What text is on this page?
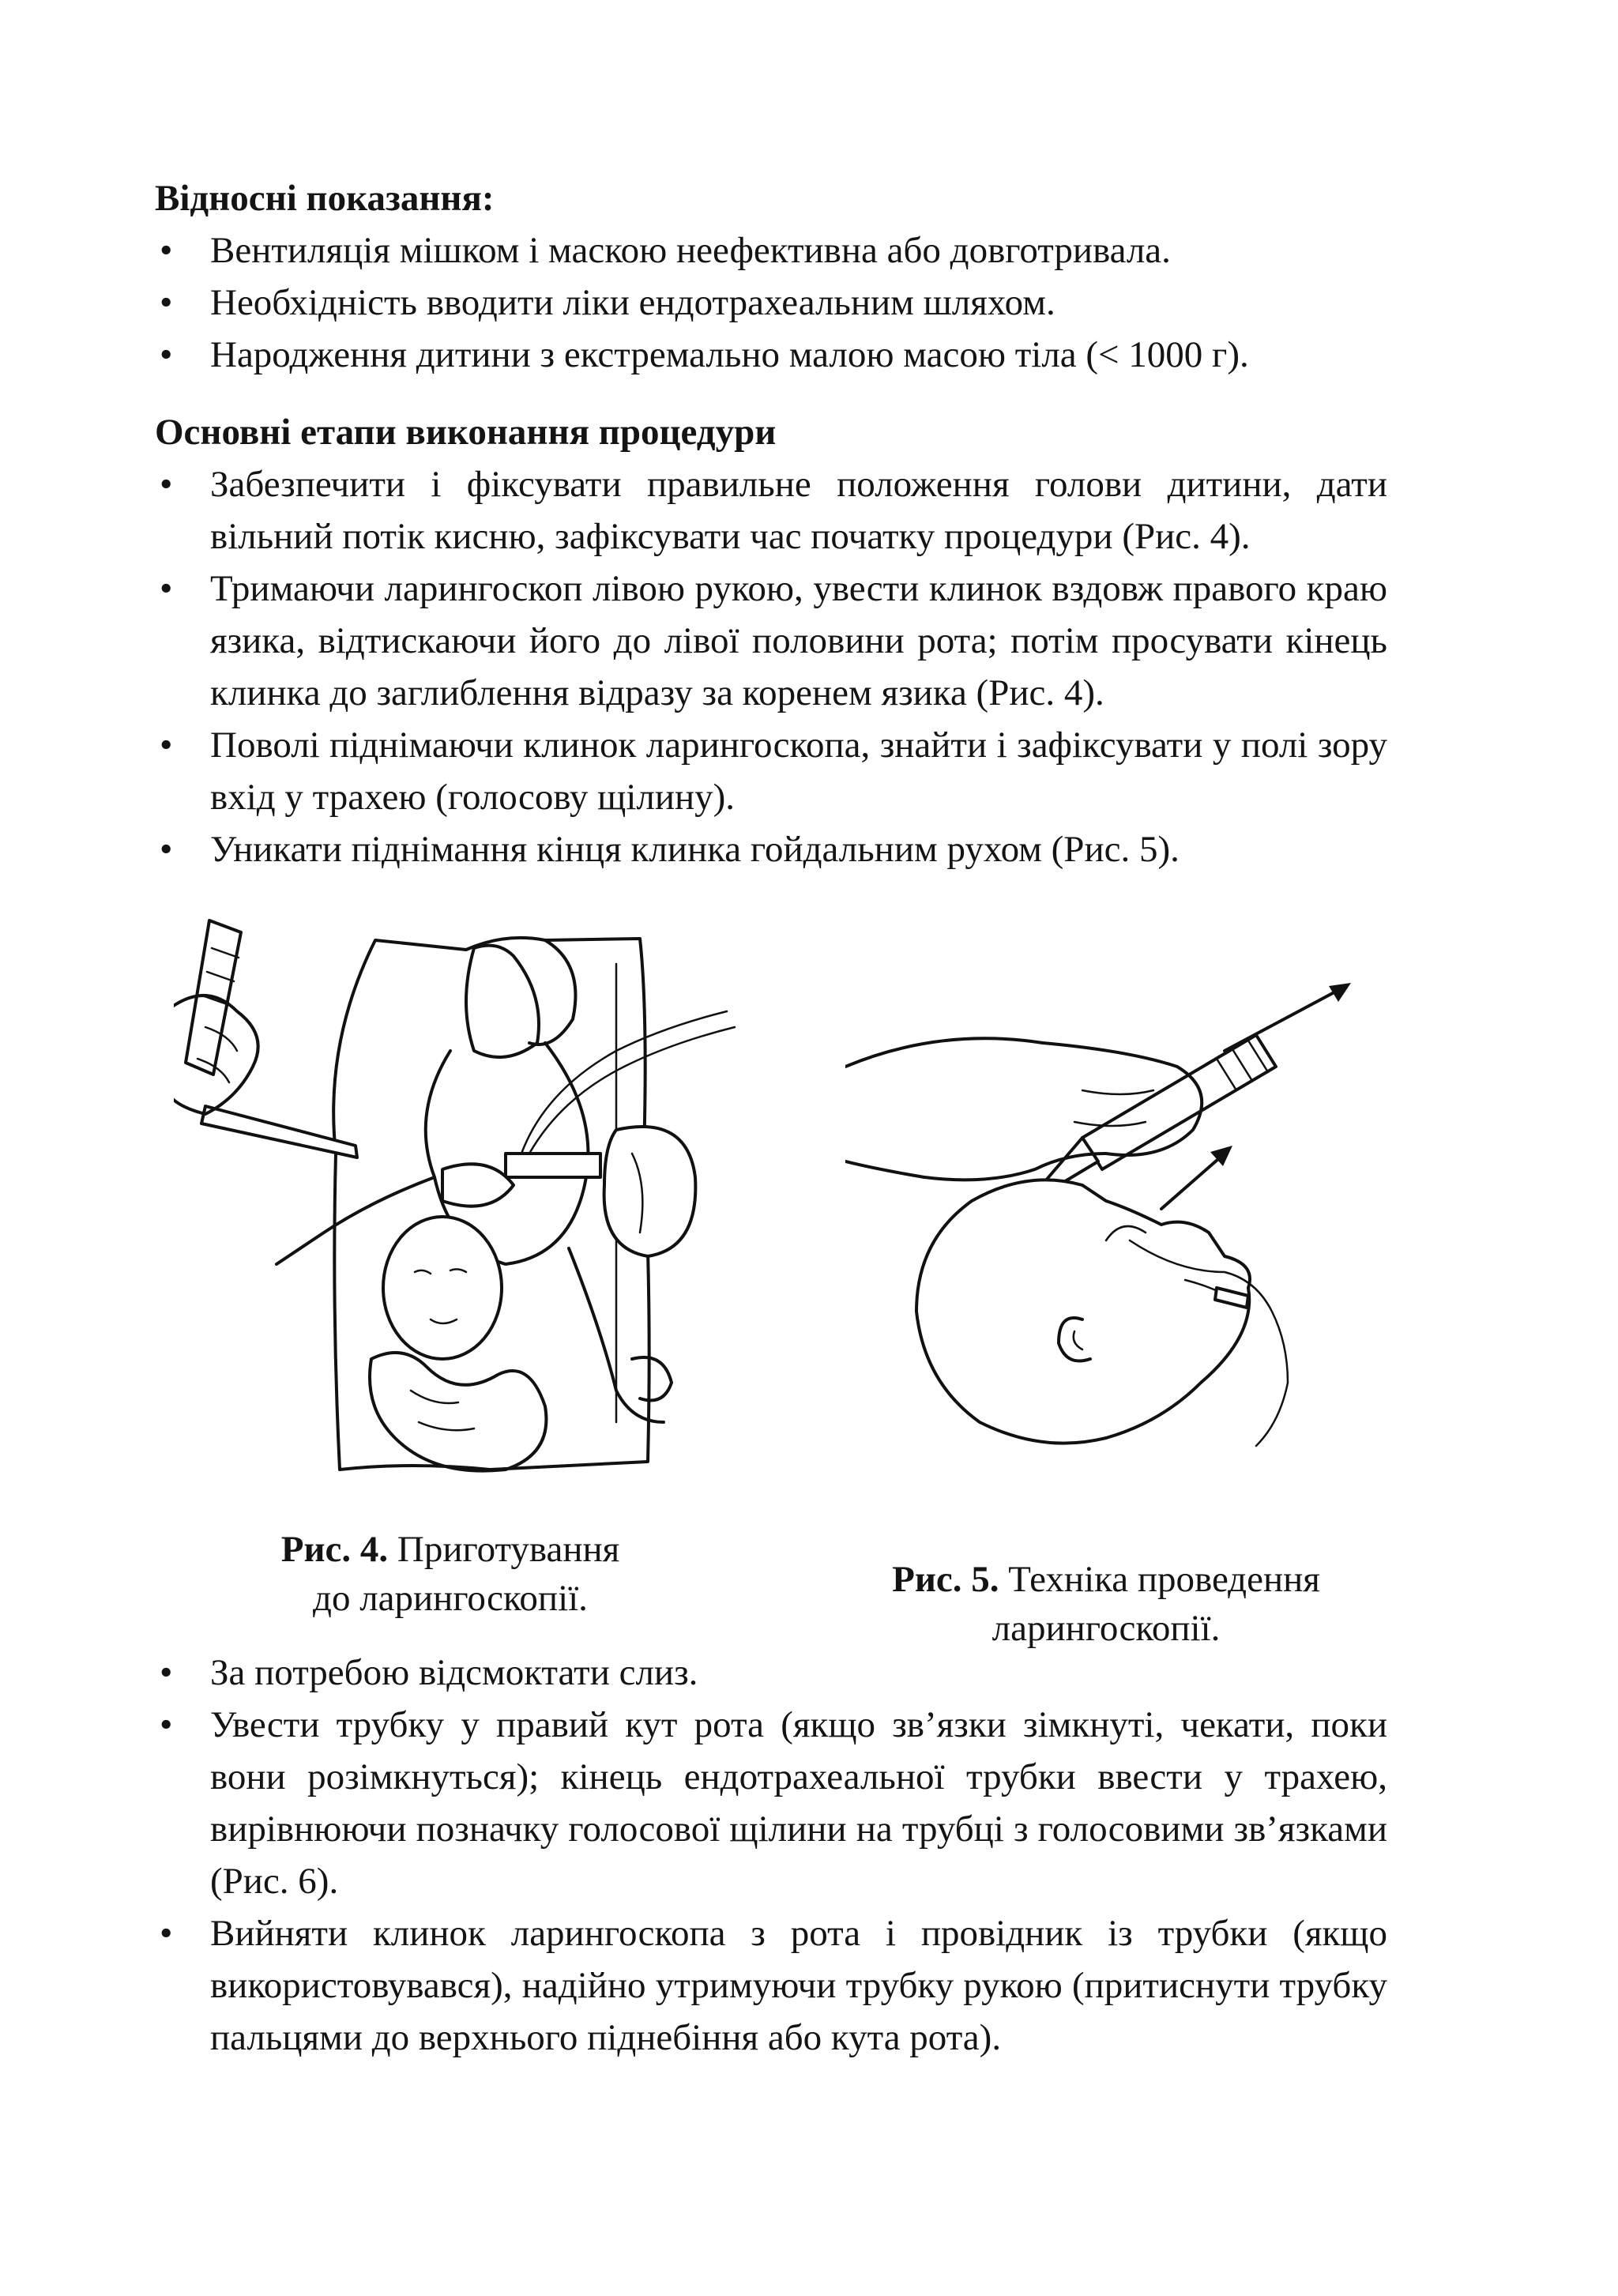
Відносні показання:

• Вентиляція мішком і маскою неефективна або довготривала.
• Необхідність вводити ліки ендотрахеальним шляхом.
• Народження дитини з екстремально малою масою тіла (< 1000 г).

Основні етапи виконання процедури

• Забезпечити і фіксувати правильне положення голови дитини, дати вільний потік кисню, зафіксувати час початку процедури (Рис. 4).
• Тримаючи ларингоскоп лівою рукою, увести клинок вздовж правого краю язика, відтискаючи його до лівої половини рота; потім просувати кінець клинка до заглиблення відразу за коренем язика (Рис. 4).
• Поволі піднімаючи клинок ларингоскопа, знайти і зафіксувати у полі зору вхід у трахею (голосову щілину).
• Уникати піднімання кінця клинка гойдальним рухом (Рис. 5).
Рис. 4. Приготування
до ларингоскопії.	Рис. 5. Техніка проведення
ларингоскопії.
• За потребою відсмоктати слиз.
• Увести трубку у правий кут рота (якщо зв’язки зімкнуті, чекати, поки вони розімкнуться); кінець ендотрахеальної трубки ввести у трахею, вирівнюючи позначку голосової щілини на трубці з голосовими зв’язками (Рис. 6).
• Вийняти клинок ларингоскопа з рота і провідник із трубки (якщо використовувався), надійно утримуючи трубку рукою (притиснути трубку пальцями до верхнього піднебіння або кута рота).
